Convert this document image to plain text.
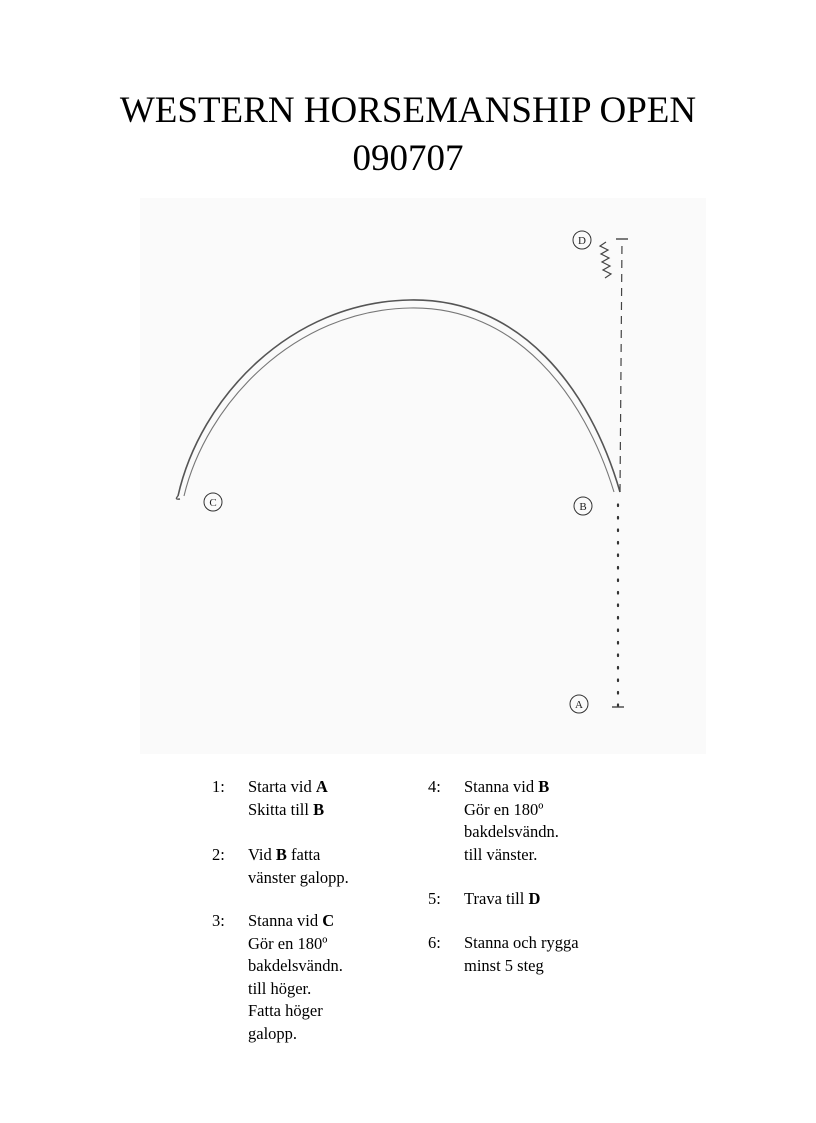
WESTERN HORSEMANSHIP OPEN
090707
D
C	B
A
1: Starta vid A
Skitta till B
2: Vid B fatta
vänster galopp.
3: Stanna vid C
Gör en 180º
bakdelsvändn.
till höger.
Fatta höger
galopp.
4: Stanna vid B
Gör en 180º
bakdelsvändn.
till vänster.
5: Trava till D
6: Stanna och rygga
minst 5 steg
